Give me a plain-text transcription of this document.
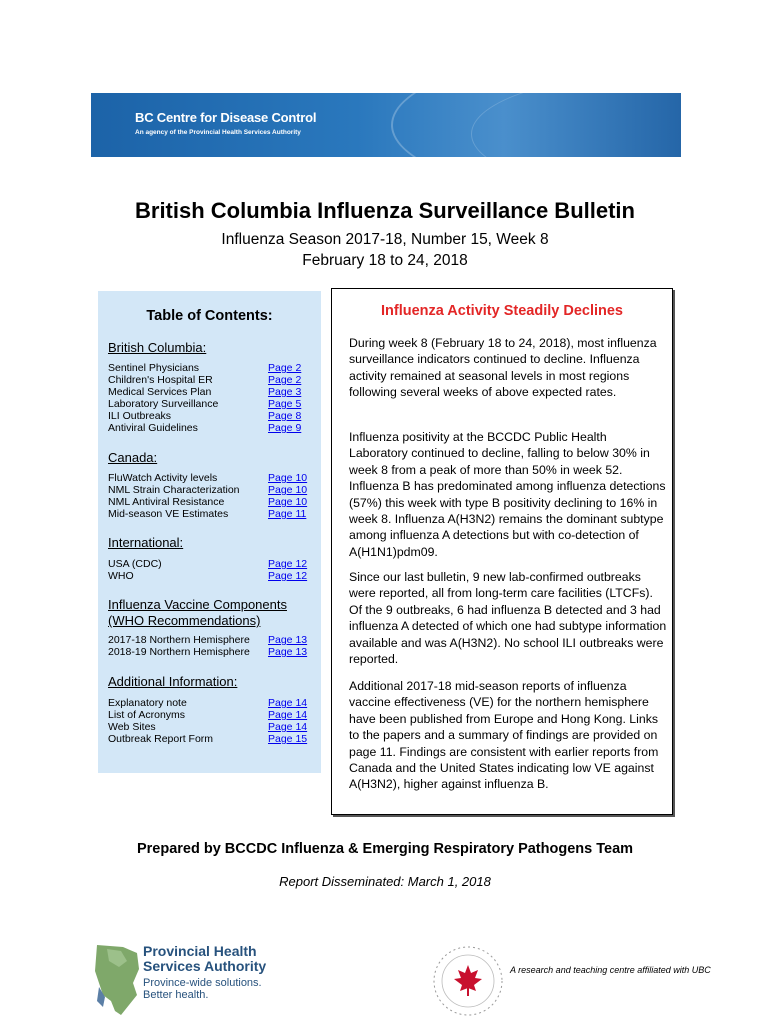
BC Centre for Disease Control
An agency of the Provincial Health Services Authority
British Columbia Influenza Surveillance Bulletin
Influenza Season 2017-18, Number 15, Week 8
February 18 to 24, 2018
Table of Contents:
British Columbia:
Sentinel Physicians	Page 2
Children's Hospital ER	Page 2
Medical Services Plan	Page 3
Laboratory Surveillance	Page 5
ILI Outbreaks	Page 8
Antiviral Guidelines	Page 9
Canada:
FluWatch Activity levels	Page 10
NML Strain Characterization	Page 10
NML Antiviral Resistance	Page 10
Mid-season VE Estimates	Page 11
International:
USA (CDC)	Page 12
WHO	Page 12
Influenza Vaccine Components
(WHO Recommendations)
2017-18 Northern Hemisphere Page 13
2018-19 Northern Hemisphere Page 13
Additional Information:
Explanatory note	Page 14
List of Acronyms	Page 14
Web Sites	Page 14
Outbreak Report Form	Page 15
Influenza Activity Steadily Declines
During week 8 (February 18 to 24, 2018), most influenza surveillance indicators continued to decline. Influenza activity remained at seasonal levels in most regions following several weeks of above expected rates.
Influenza positivity at the BCCDC Public Health Laboratory continued to decline, falling to below 30% in week 8 from a peak of more than 50% in week 52. Influenza B has predominated among influenza detections (57%) this week with type B positivity declining to 16% in week 8. Influenza A(H3N2) remains the dominant subtype among influenza A detections but with co-detection of A(H1N1)pdm09.
Since our last bulletin, 9 new lab-confirmed outbreaks were reported, all from long-term care facilities (LTCFs). Of the 9 outbreaks, 6 had influenza B detected and 3 had influenza A detected of which one had subtype information available and was A(H3N2). No school ILI outbreaks were reported.
Additional 2017-18 mid-season reports of influenza vaccine effectiveness (VE) for the northern hemisphere have been published from Europe and Hong Kong. Links to the papers and a summary of findings are provided on page 11. Findings are consistent with earlier reports from Canada and the United States indicating low VE against A(H3N2), higher against influenza B.
Prepared by BCCDC Influenza & Emerging Respiratory Pathogens Team
Report Disseminated: March 1, 2018
Provincial Health
Services Authority
Province-wide solutions.
Better health.
A research and teaching centre affiliated with UBC
